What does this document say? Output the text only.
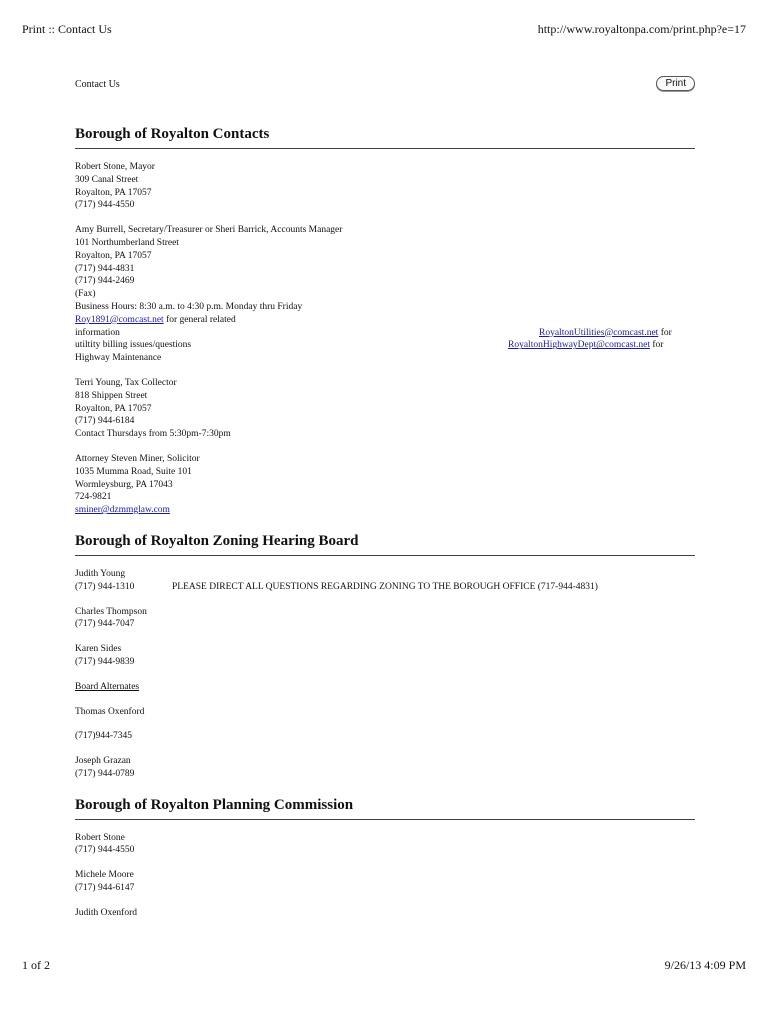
Print :: Contact Us	http://www.royaltonpa.com/print.php?e=17
Contact Us	Print
Borough of Royalton Contacts
Robert Stone, Mayor
309 Canal Street
Royalton, PA 17057
(717) 944-4550
Amy Burrell, Secretary/Treasurer or Sheri Barrick, Accounts Manager
101 Northumberland Street
Royalton, PA 17057
(717) 944-4831
(717) 944-2469
(Fax)
Business Hours: 8:30 a.m. to 4:30 p.m. Monday thru Friday
Roy1891@comcast.net for general related
information	RoyaltonUtilities@comcast.net for
utiltity billing issues/questions	RoyaltonHighwayDept@comcast.net for
Highway Maintenance
Terri Young, Tax Collector
818 Shippen Street
Royalton, PA 17057
(717) 944-6184
Contact Thursdays from 5:30pm-7:30pm
Attorney Steven Miner, Solicitor
1035 Mumma Road, Suite 101
Wormleysburg, PA 17043
724-9821
sminer@dzmmglaw.com
Borough of Royalton Zoning Hearing Board
Judith Young
(717) 944-1310	PLEASE DIRECT ALL QUESTIONS REGARDING ZONING TO THE BOROUGH OFFICE (717-944-4831)
Charles Thompson
(717) 944-7047
Karen Sides
(717) 944-9839
Board Alternates
Thomas Oxenford
(717)944-7345
Joseph Grazan
(717) 944-0789
Borough of Royalton Planning Commission
Robert Stone
(717) 944-4550
Michele Moore
(717) 944-6147
Judith Oxenford
1 of 2	9/26/13 4:09 PM
